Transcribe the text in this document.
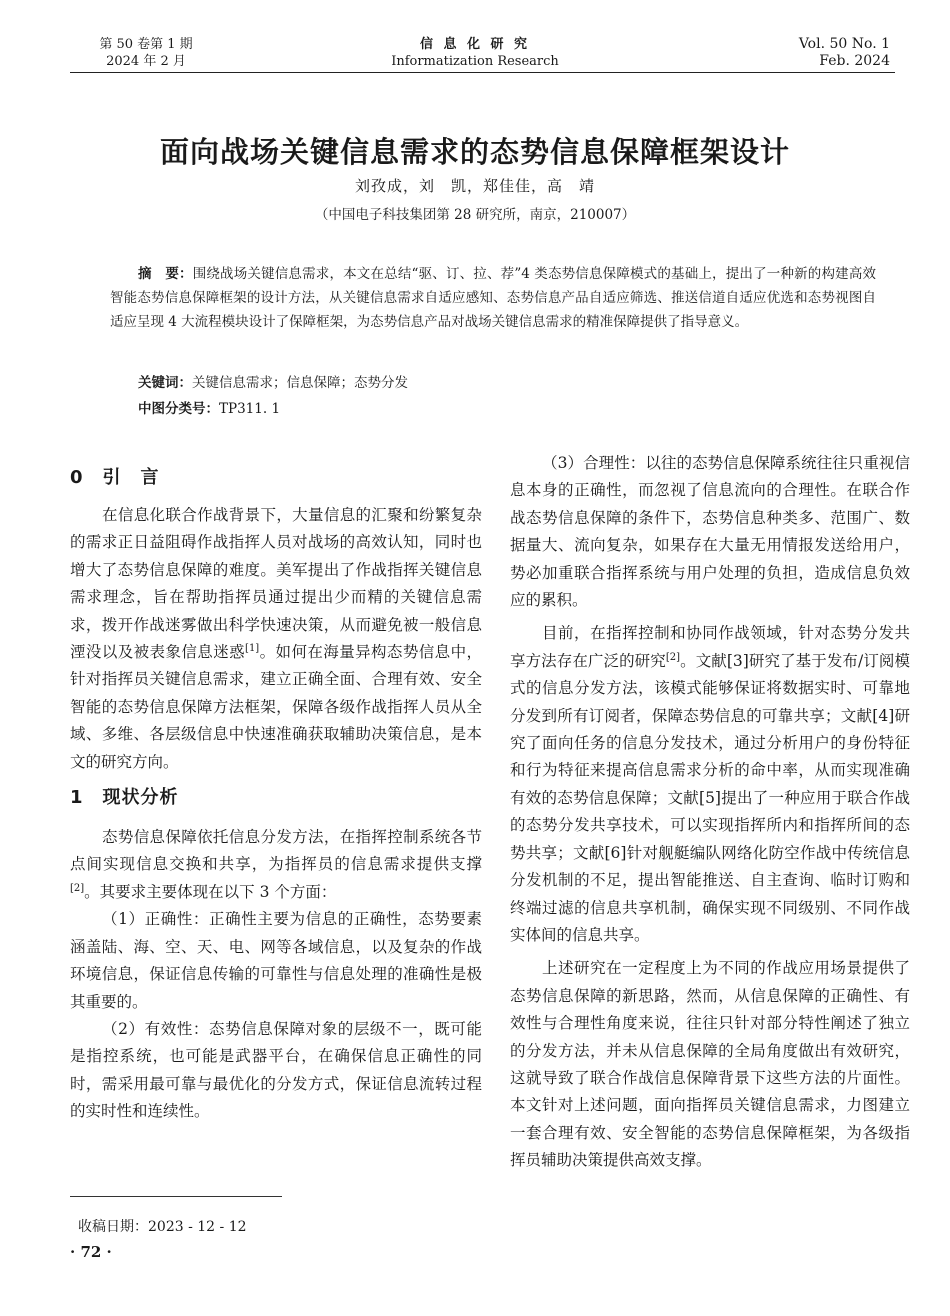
第 50 卷第 1 期
2024 年 2 月
信 息 化 研 究
Informatization Research
Vol. 50 No. 1
Feb. 2024
面向战场关键信息需求的态势信息保障框架设计
刘孜成，刘　凯，郑佳佳，高　靖
（中国电子科技集团第 28 研究所，南京，210007）

摘　要：围绕战场关键信息需求，本文在总结“驱、订、拉、荐”4 类态势信息保障模式的基础上，提出了一种新的构建高效智能态势信息保障框架的设计方法，从关键信息需求自适应感知、态势信息产品自适应筛选、推送信道自适应优选和态势视图自适应呈现 4 大流程模块设计了保障框架，为态势信息产品对战场关键信息需求的精准保障提供了指导意义。

关键词：关键信息需求；信息保障；态势分发
中图分类号：TP311. 1
0　引　言

在信息化联合作战背景下，大量信息的汇聚和纷繁复杂的需求正日益阻碍作战指挥人员对战场的高效认知，同时也增大了态势信息保障的难度。美军提出了作战指挥关键信息需求理念，旨在帮助指挥员通过提出少而精的关键信息需求，拨开作战迷雾做出科学快速决策，从而避免被一般信息湮没以及被表象信息迷惑[1]。如何在海量异构态势信息中，针对指挥员关键信息需求，建立正确全面、合理有效、安全智能的态势信息保障方法框架，保障各级作战指挥人员从全域、多维、各层级信息中快速准确获取辅助决策信息，是本文的研究方向。

1　现状分析

态势信息保障依托信息分发方法，在指挥控制系统各节点间实现信息交换和共享，为指挥员的信息需求提供支撑[2]。其要求主要体现在以下 3 个方面：

（1）正确性：正确性主要为信息的正确性，态势要素涵盖陆、海、空、天、电、网等各域信息，以及复杂的作战环境信息，保证信息传输的可靠性与信息处理的准确性是极其重要的。

（2）有效性：态势信息保障对象的层级不一，既可能是指控系统，也可能是武器平台，在确保信息正确性的同时，需采用最可靠与最优化的分发方式，保证信息流转过程的实时性和连续性。

（3）合理性：以往的态势信息保障系统往往只重视信息本身的正确性，而忽视了信息流向的合理性。在联合作战态势信息保障的条件下，态势信息种类多、范围广、数据量大、流向复杂，如果存在大量无用情报发送给用户，势必加重联合指挥系统与用户处理的负担，造成信息负效应的累积。

目前，在指挥控制和协同作战领域，针对态势分发共享方法存在广泛的研究[2]。文献[3]研究了基于发布/订阅模式的信息分发方法，该模式能够保证将数据实时、可靠地分发到所有订阅者，保障态势信息的可靠共享；文献[4]研究了面向任务的信息分发技术，通过分析用户的身份特征和行为特征来提高信息需求分析的命中率，从而实现准确有效的态势信息保障；文献[5]提出了一种应用于联合作战的态势分发共享技术，可以实现指挥所内和指挥所间的态势共享；文献[6]针对舰艇编队网络化防空作战中传统信息分发机制的不足，提出智能推送、自主查询、临时订购和终端过滤的信息共享机制，确保实现不同级别、不同作战实体间的信息共享。

上述研究在一定程度上为不同的作战应用场景提供了态势信息保障的新思路，然而，从信息保障的正确性、有效性与合理性角度来说，往往只针对部分特性阐述了独立的分发方法，并未从信息保障的全局角度做出有效研究，这就导致了联合作战信息保障背景下这些方法的片面性。本文针对上述问题，面向指挥员关键信息需求，力图建立一套合理有效、安全智能的态势信息保障框架，为各级指挥员辅助决策提供高效支撑。

收稿日期：2023 - 12 - 12
· 72 ·
